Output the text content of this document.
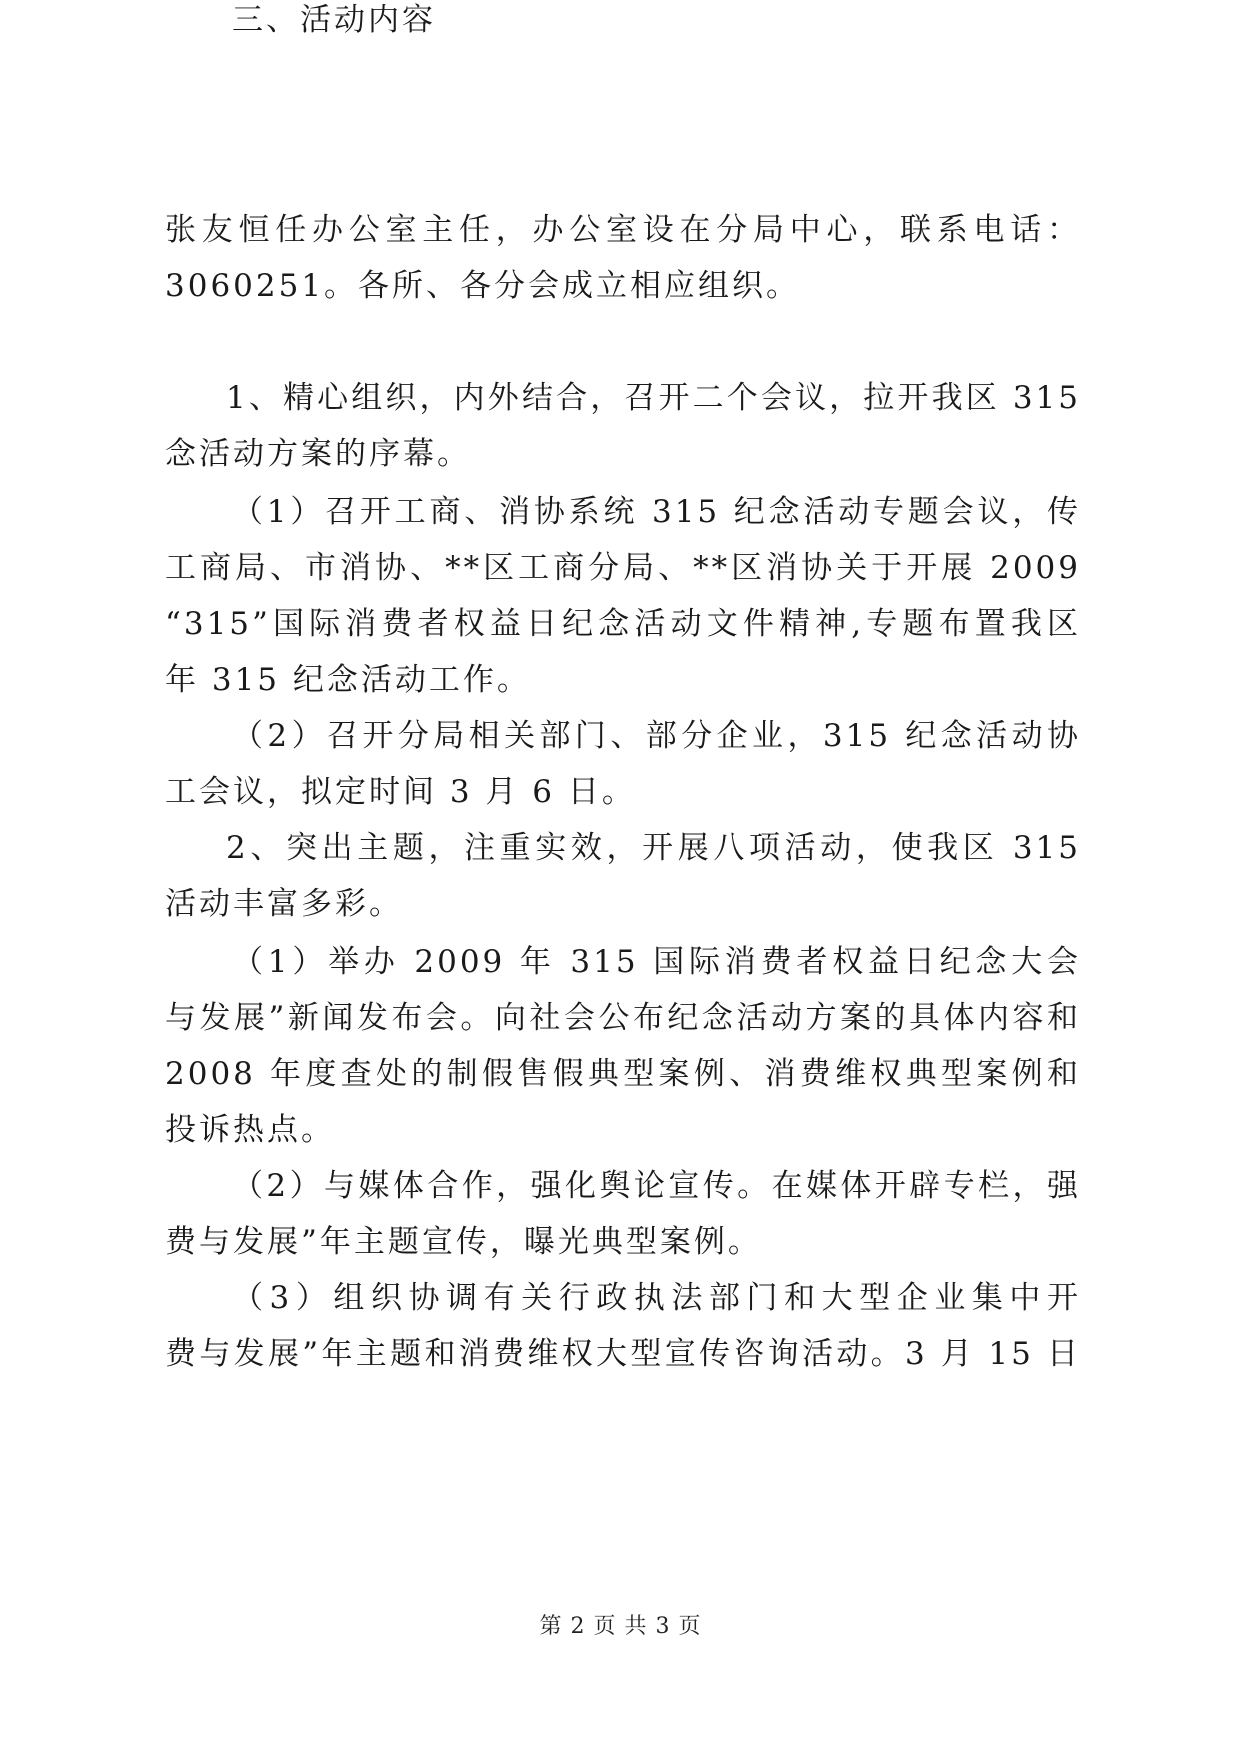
张友恒任办公室主任，办公室设在分局中心，联系电话：
3060251。各所、各分会成立相应组织。
三、活动内容
1、精心组织，内外结合，召开二个会议，拉开我区 315
念活动方案的序幕。
（1）召开工商、消协系统 315 纪念活动专题会议，传
工商局、市消协、**区工商分局、**区消协关于开展 2009
“315”国际消费者权益日纪念活动文件精神,专题布置我区
年 315 纪念活动工作。
（2）召开分局相关部门、部分企业，315 纪念活动协
工会议，拟定时间 3 月 6 日。
2、突出主题，注重实效，开展八项活动，使我区 315
活动丰富多彩。
（1）举办 2009 年 315 国际消费者权益日纪念大会
与发展”新闻发布会。向社会公布纪念活动方案的具体内容和
2008 年度查处的制假售假典型案例、消费维权典型案例和
投诉热点。
（2）与媒体合作，强化舆论宣传。在媒体开辟专栏，强
费与发展”年主题宣传，曝光典型案例。
（3）组织协调有关行政执法部门和大型企业集中开
费与发展”年主题和消费维权大型宣传咨询活动。3 月 15 日
第 2 页 共 3 页
